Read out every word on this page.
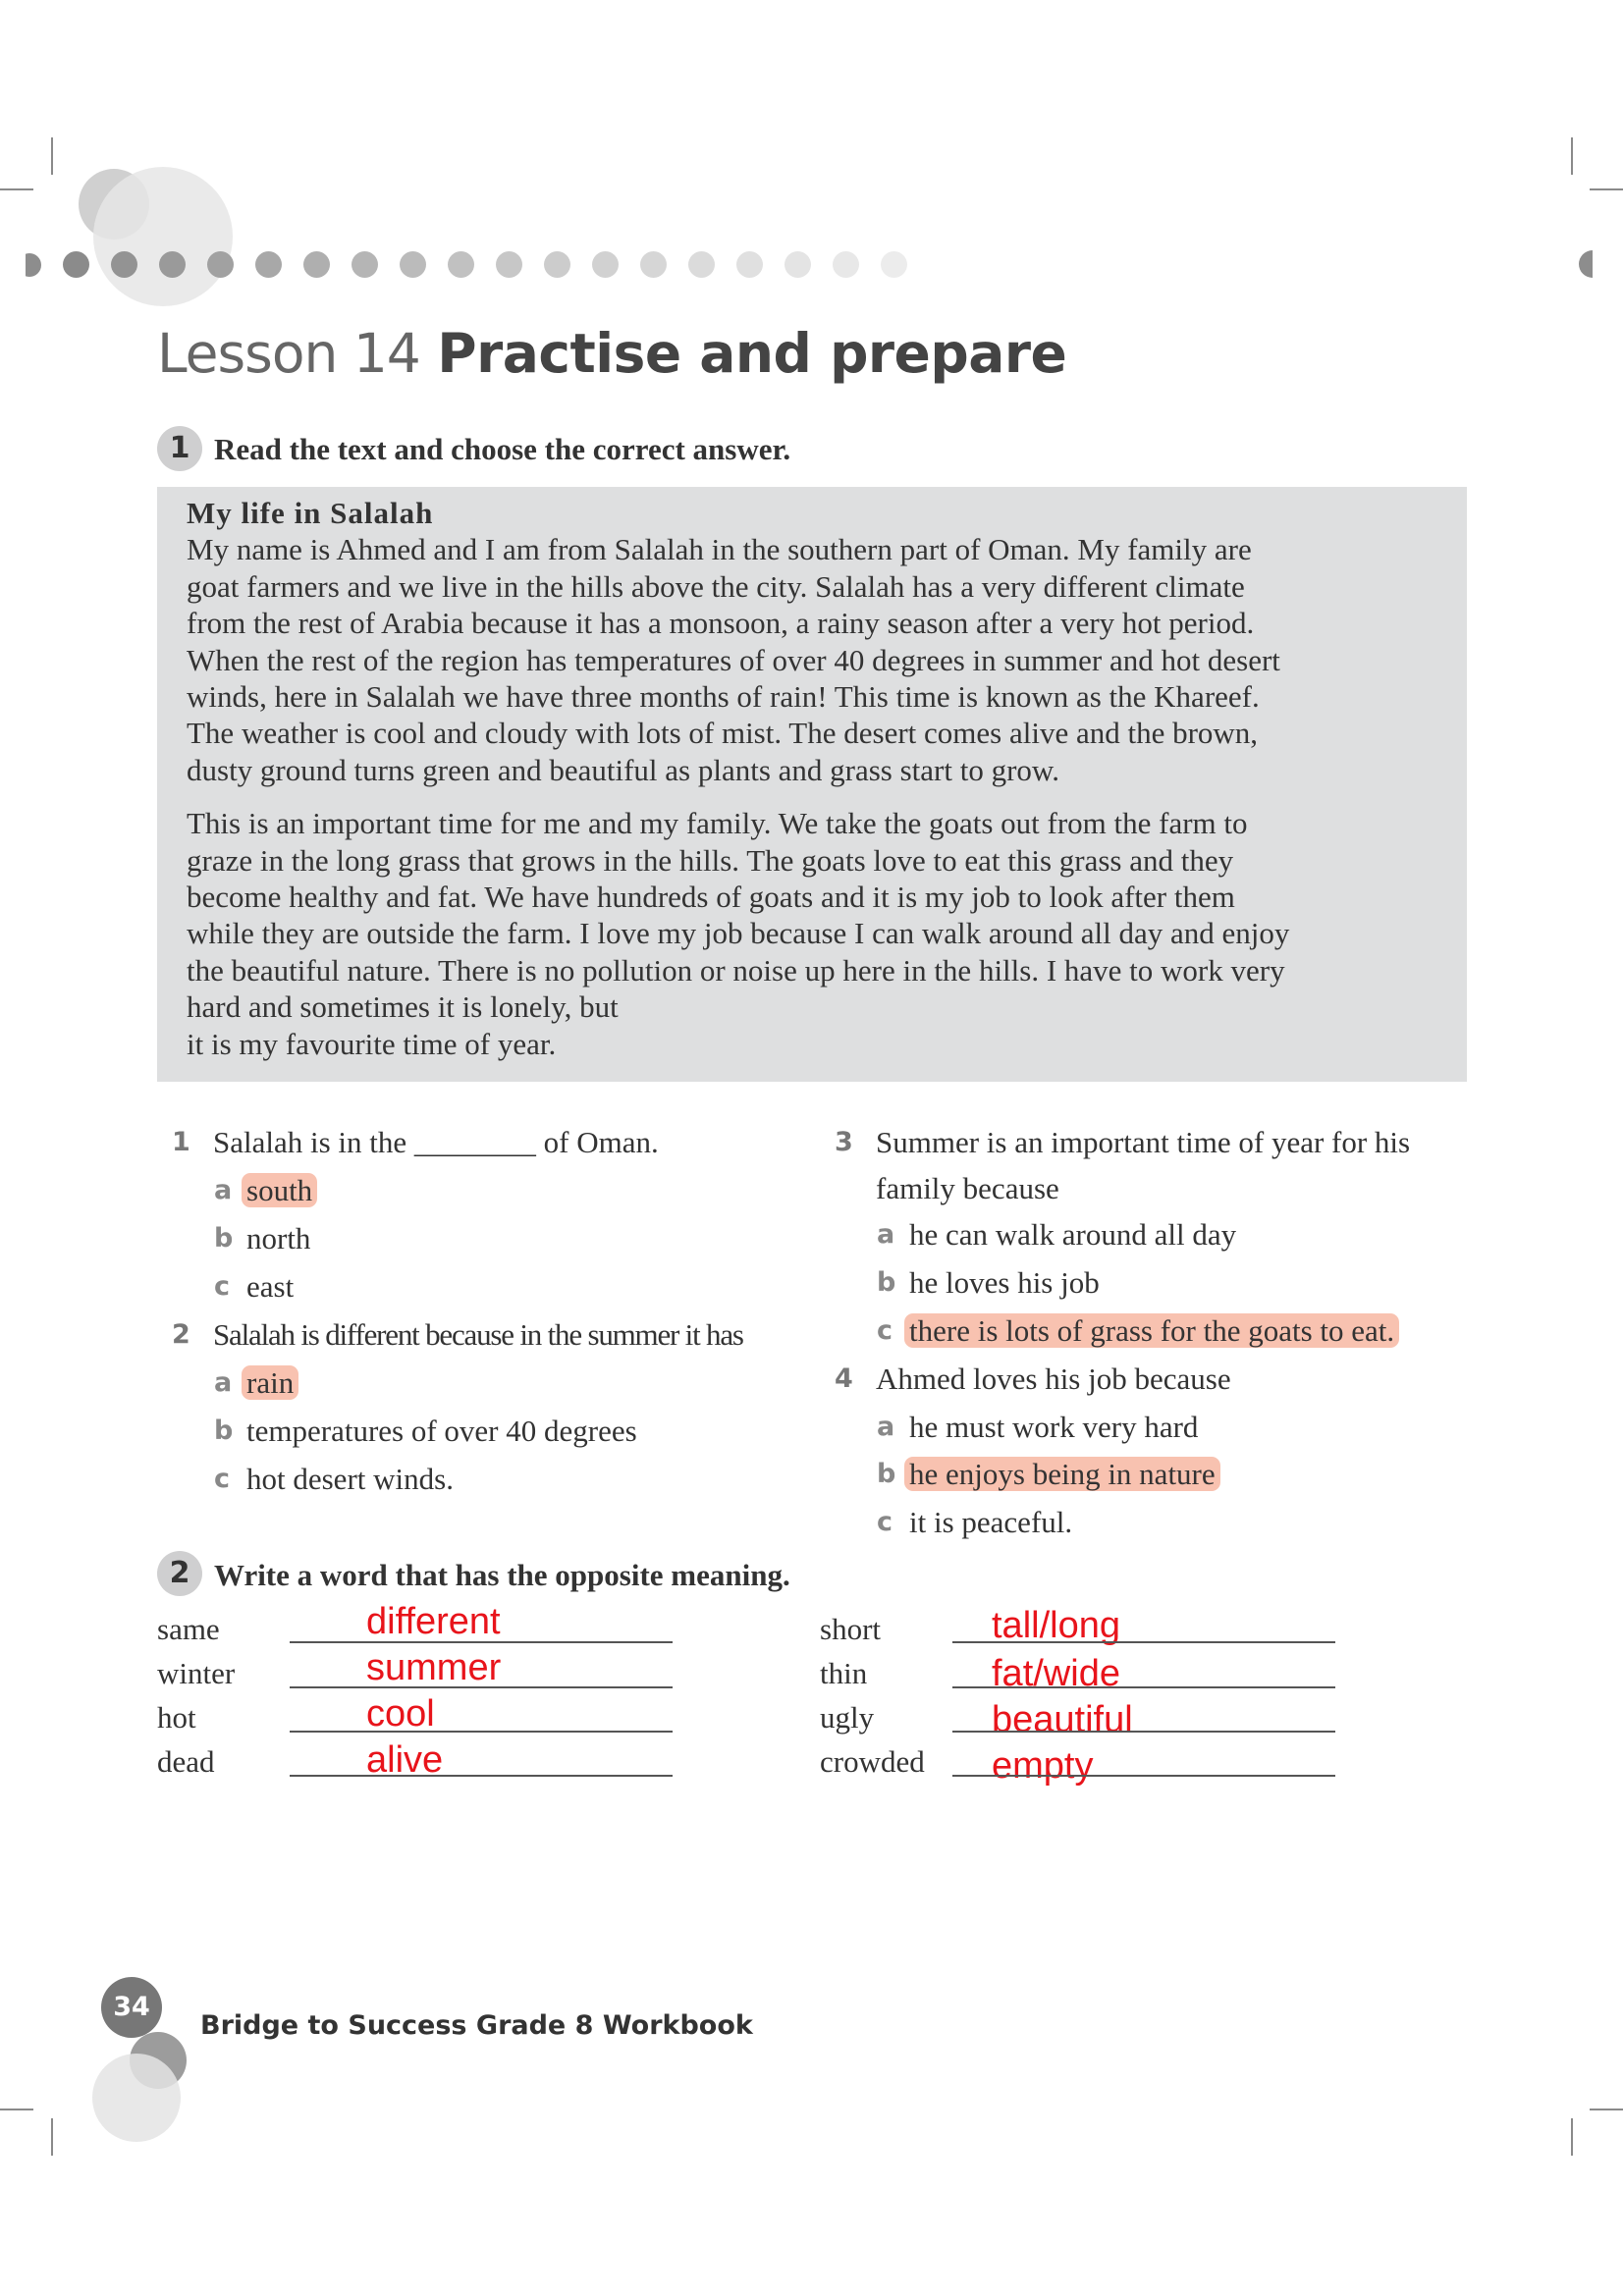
Lesson 14 Practise and prepare
1 Read the text and choose the correct answer.

My life in Salalah

My name is Ahmed and I am from Salalah in the southern part of Oman. My family are

goat farmers and we live in the hills above the city. Salalah has a very different climate

from the rest of Arabia because it has a monsoon, a rainy season after a very hot period.

When the rest of the region has temperatures of over 40 degrees in summer and hot desert

winds, here in Salalah we have three months of rain! This time is known as the Khareef.

The weather is cool and cloudy with lots of mist. The desert comes alive and the brown,

dusty ground turns green and beautiful as plants and grass start to grow.

This is an important time for me and my family. We take the goats out from the farm to

graze in the long grass that grows in the hills. The goats love to eat this grass and they

become healthy and fat. We have hundreds of goats and it is my job to look after them

while they are outside the farm. I love my job because I can walk around all day and enjoy

the beautiful nature. There is no pollution or noise up here in the hills. I have to work very

hard and sometimes it is lonely, but

it is my favourite time of year.

1 Salalah is in the ________ of Oman.
a south
b north
c east
2 Salalah is different because in the summer it has
a rain
b temperatures of over 40 degrees
c hot desert winds.
3 Summer is an important time of year for his
family because
a he can walk around all day
b he loves his job
c there is lots of grass for the goats to eat.
4 Ahmed loves his job because
a he must work very hard
b he enjoys being in nature
c it is peaceful.
2 Write a word that has the opposite meaning.
same	different
winter	summer
hot	cool
dead	alive
short	tall/long
thin	fat/wide
ugly	beautiful
crowded empty
34
Bridge to Success Grade 8 Workbook
